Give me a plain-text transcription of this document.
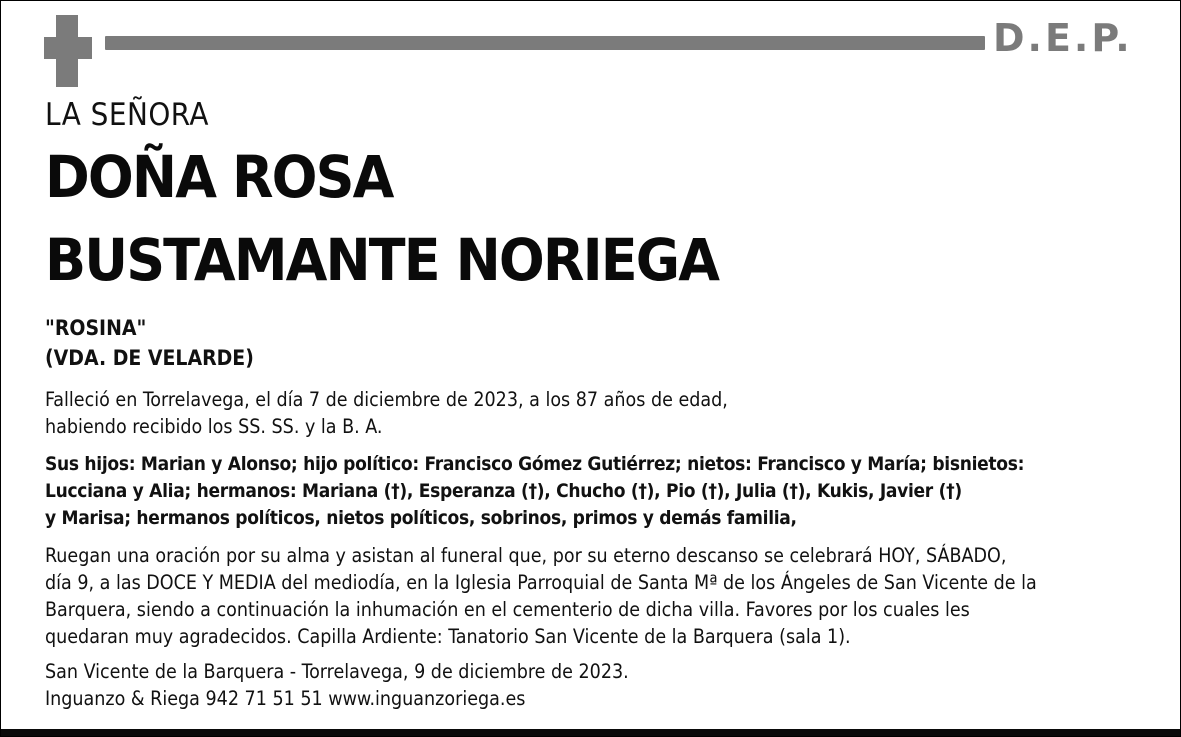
D.E.P.
LA SEÑORA
DOÑA ROSA
BUSTAMANTE NORIEGA
"ROSINA"
(VDA. DE VELARDE)

Falleció en Torrelavega, el día 7 de diciembre de 2023, a los 87 años de edad,
habiendo recibido los SS. SS. y la B. A.

Sus hijos: Marian y Alonso; hijo político: Francisco Gómez Gutiérrez; nietos: Francisco y María; bisnietos:
Lucciana y Alia; hermanos: Mariana (†), Esperanza (†), Chucho (†), Pio (†), Julia (†), Kukis, Javier (†)
y Marisa; hermanos políticos, nietos políticos, sobrinos, primos y demás familia,

Ruegan una oración por su alma y asistan al funeral que, por su eterno descanso se celebrará HOY, SÁBADO,
día 9, a las DOCE Y MEDIA del mediodía, en la Iglesia Parroquial de Santa Mª de los Ángeles de San Vicente de la
Barquera, siendo a continuación la inhumación en el cementerio de dicha villa. Favores por los cuales les
quedaran muy agradecidos. Capilla Ardiente: Tanatorio San Vicente de la Barquera (sala 1).

San Vicente de la Barquera - Torrelavega, 9 de diciembre de 2023.
Inguanzo & Riega 942 71 51 51 www.inguanzoriega.es
